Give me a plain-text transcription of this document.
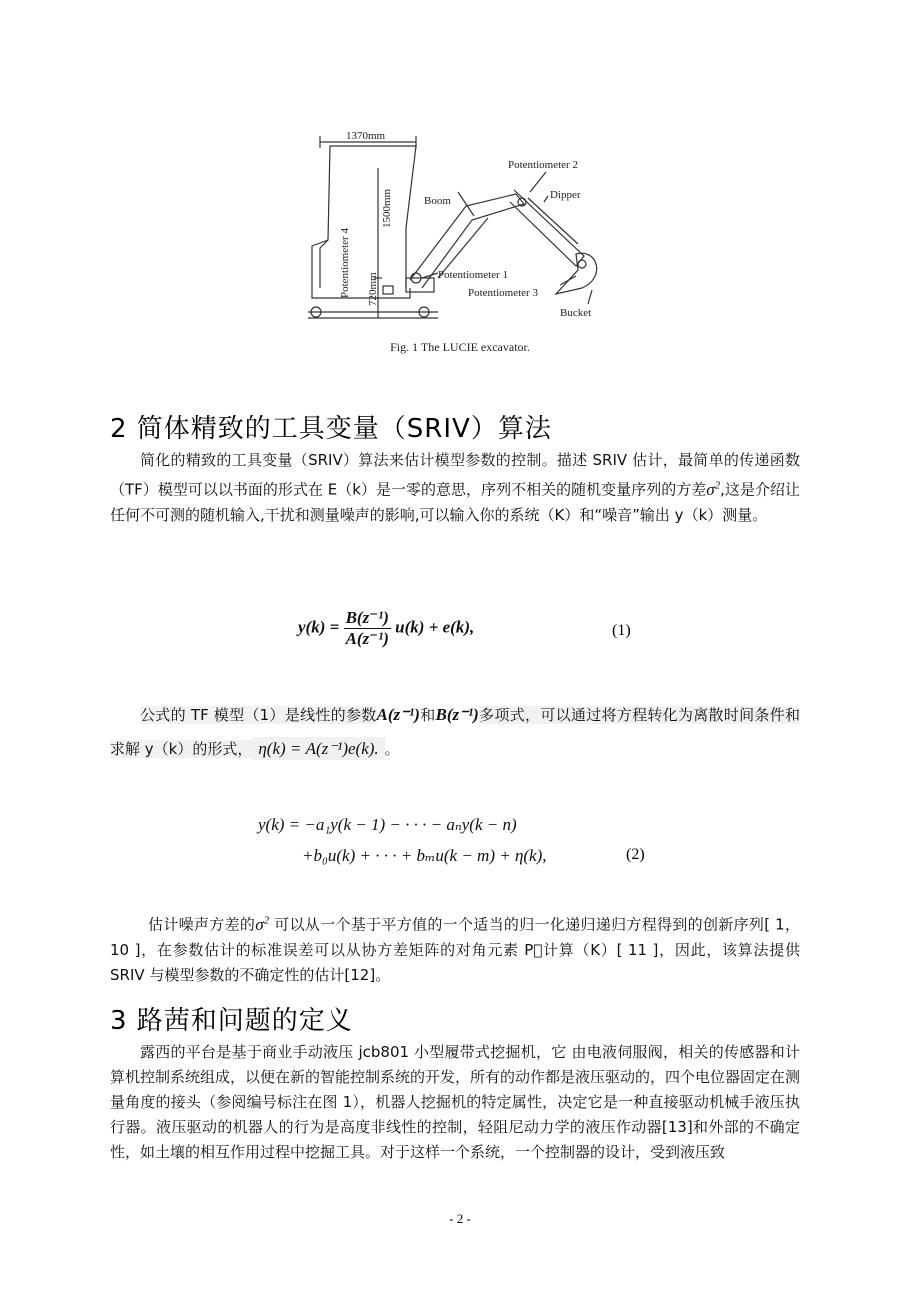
1370mm
1500mm
Potentiometer 4 720mm
Potentiometer 2
Dipper
Boom
Potentiometer 1
Potentiometer 3
Bucket
Fig. 1 The LUCIE excavator.
2 简体精致的工具变量（SRIV）算法

简化的精致的工具变量（SRIV）算法来估计模型参数的控制。描述 SRIV 估计，最简单的传递函数（TF）模型可以以书面的形式在 E（k）是一零的意思，序列不相关的随机变量序列的方差$\sigma^2$,这是介绍让任何不可测的随机输入,干扰和测量噪声的影响,可以输入你的系统（K）和“噪音”输出 y（k）测量。

$y(k) = \frac{\text{B(z⁻¹)}}{\text{A(z⁻¹)}} u(k) + e(k)$,	(1)

公式的 TF 模型（1）是线性的参数A(z⁻¹)和B(z⁻¹)多项式，可以通过将方程转化为离散时间条件和求解 y（k）的形式， η(k) = A(z⁻¹)e(k). 。

y(k) = −a₁y(k − 1) − · · · − aₙy(k − n)
+b₀u(k) + · · · + bₘu(k − m) + η(k),	(2)

估计噪声方差的$\sigma^2$ 可以从一个基于平方值的一个适当的归一化递归递归方程得到的创新序列[ 1，10 ]，在参数估计的标准误差可以从协方差矩阵的对角元素 P 计算（K）[ 11 ]，因此，该算法提供 SRIV 与模型参数的不确定性的估计[12]。

3 路茜和问题的定义

露西的平台是基于商业手动液压 jcb801 小型履带式挖掘机，它 由电液伺服阀，相关的传感器和计算机控制系统组成，以便在新的智能控制系统的开发，所有的动作都是液压驱动的，四个电位器固定在测量角度的接头（参阅编号标注在图 1），机器人挖掘机的特定属性，决定它是一种直接驱动机械手液压执行器。液压驱动的机器人的行为是高度非线性的控制，轻阻尼动力学的液压作动器[13]和外部的不确定性，如土壤的相互作用过程中挖掘工具。对于这样一个系统，一个控制器的设计，受到液压致

- 2 -
